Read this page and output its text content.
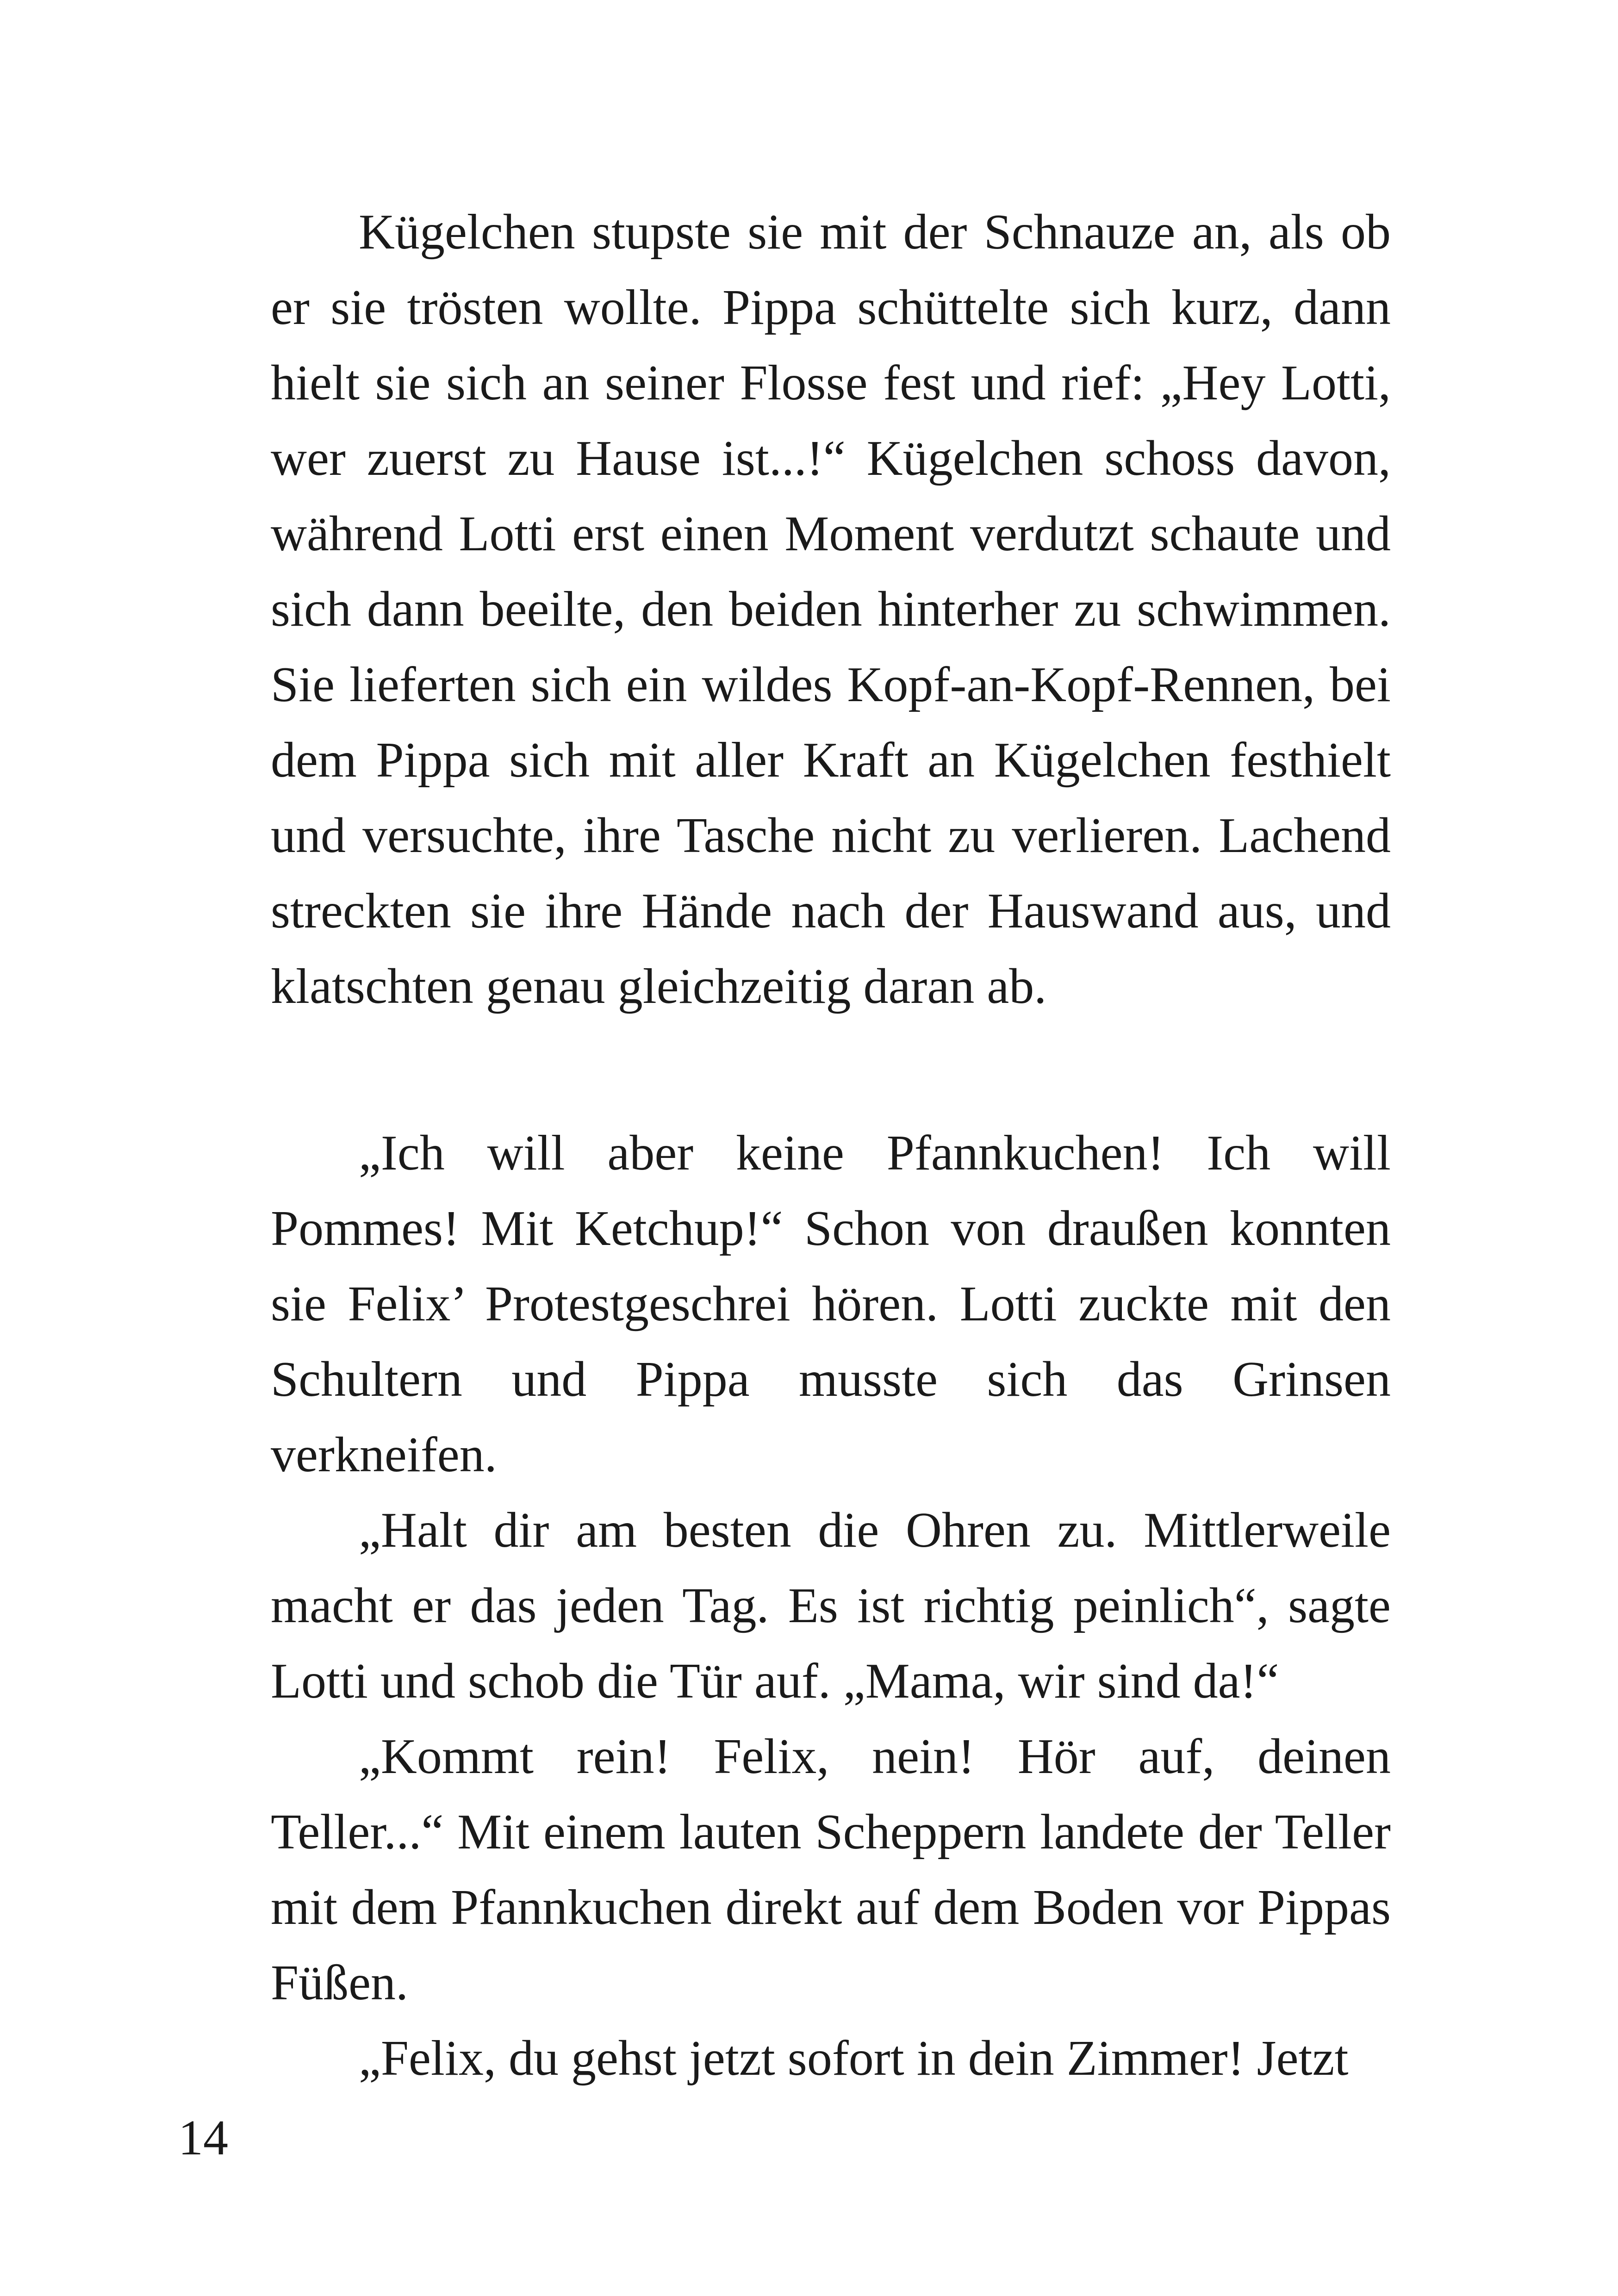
Kügelchen stupste sie mit der Schnauze an, als ob er sie trösten wollte. Pippa schüttelte sich kurz, dann hielt sie sich an seiner Flosse fest und rief: „Hey Lotti, wer zuerst zu Hause ist...!“ Kügelchen schoss davon, während Lotti erst einen Moment verdutzt schaute und sich dann beeilte, den beiden hinterher zu schwimmen. Sie lieferten sich ein wildes Kopf-an-Kopf-Rennen, bei dem Pippa sich mit aller Kraft an Kügelchen festhielt und versuchte, ihre Tasche nicht zu verlieren. Lachend streckten sie ihre Hände nach der Hauswand aus, und klatschten genau gleichzeitig daran ab.

„Ich will aber keine Pfannkuchen! Ich will Pommes! Mit Ketchup!“ Schon von draußen konnten sie Felix’ Protestgeschrei hören. Lotti zuckte mit den Schultern und Pippa musste sich das Grinsen verkneifen.

„Halt dir am besten die Ohren zu. Mittlerweile macht er das jeden Tag. Es ist richtig peinlich“, sagte Lotti und schob die Tür auf. „Mama, wir sind da!“

„Kommt rein! Felix, nein! Hör auf, deinen Teller...“ Mit einem lauten Scheppern landete der Teller mit dem Pfannkuchen direkt auf dem Boden vor Pippas Füßen.

„Felix, du gehst jetzt sofort in dein Zimmer! Jetzt

14
